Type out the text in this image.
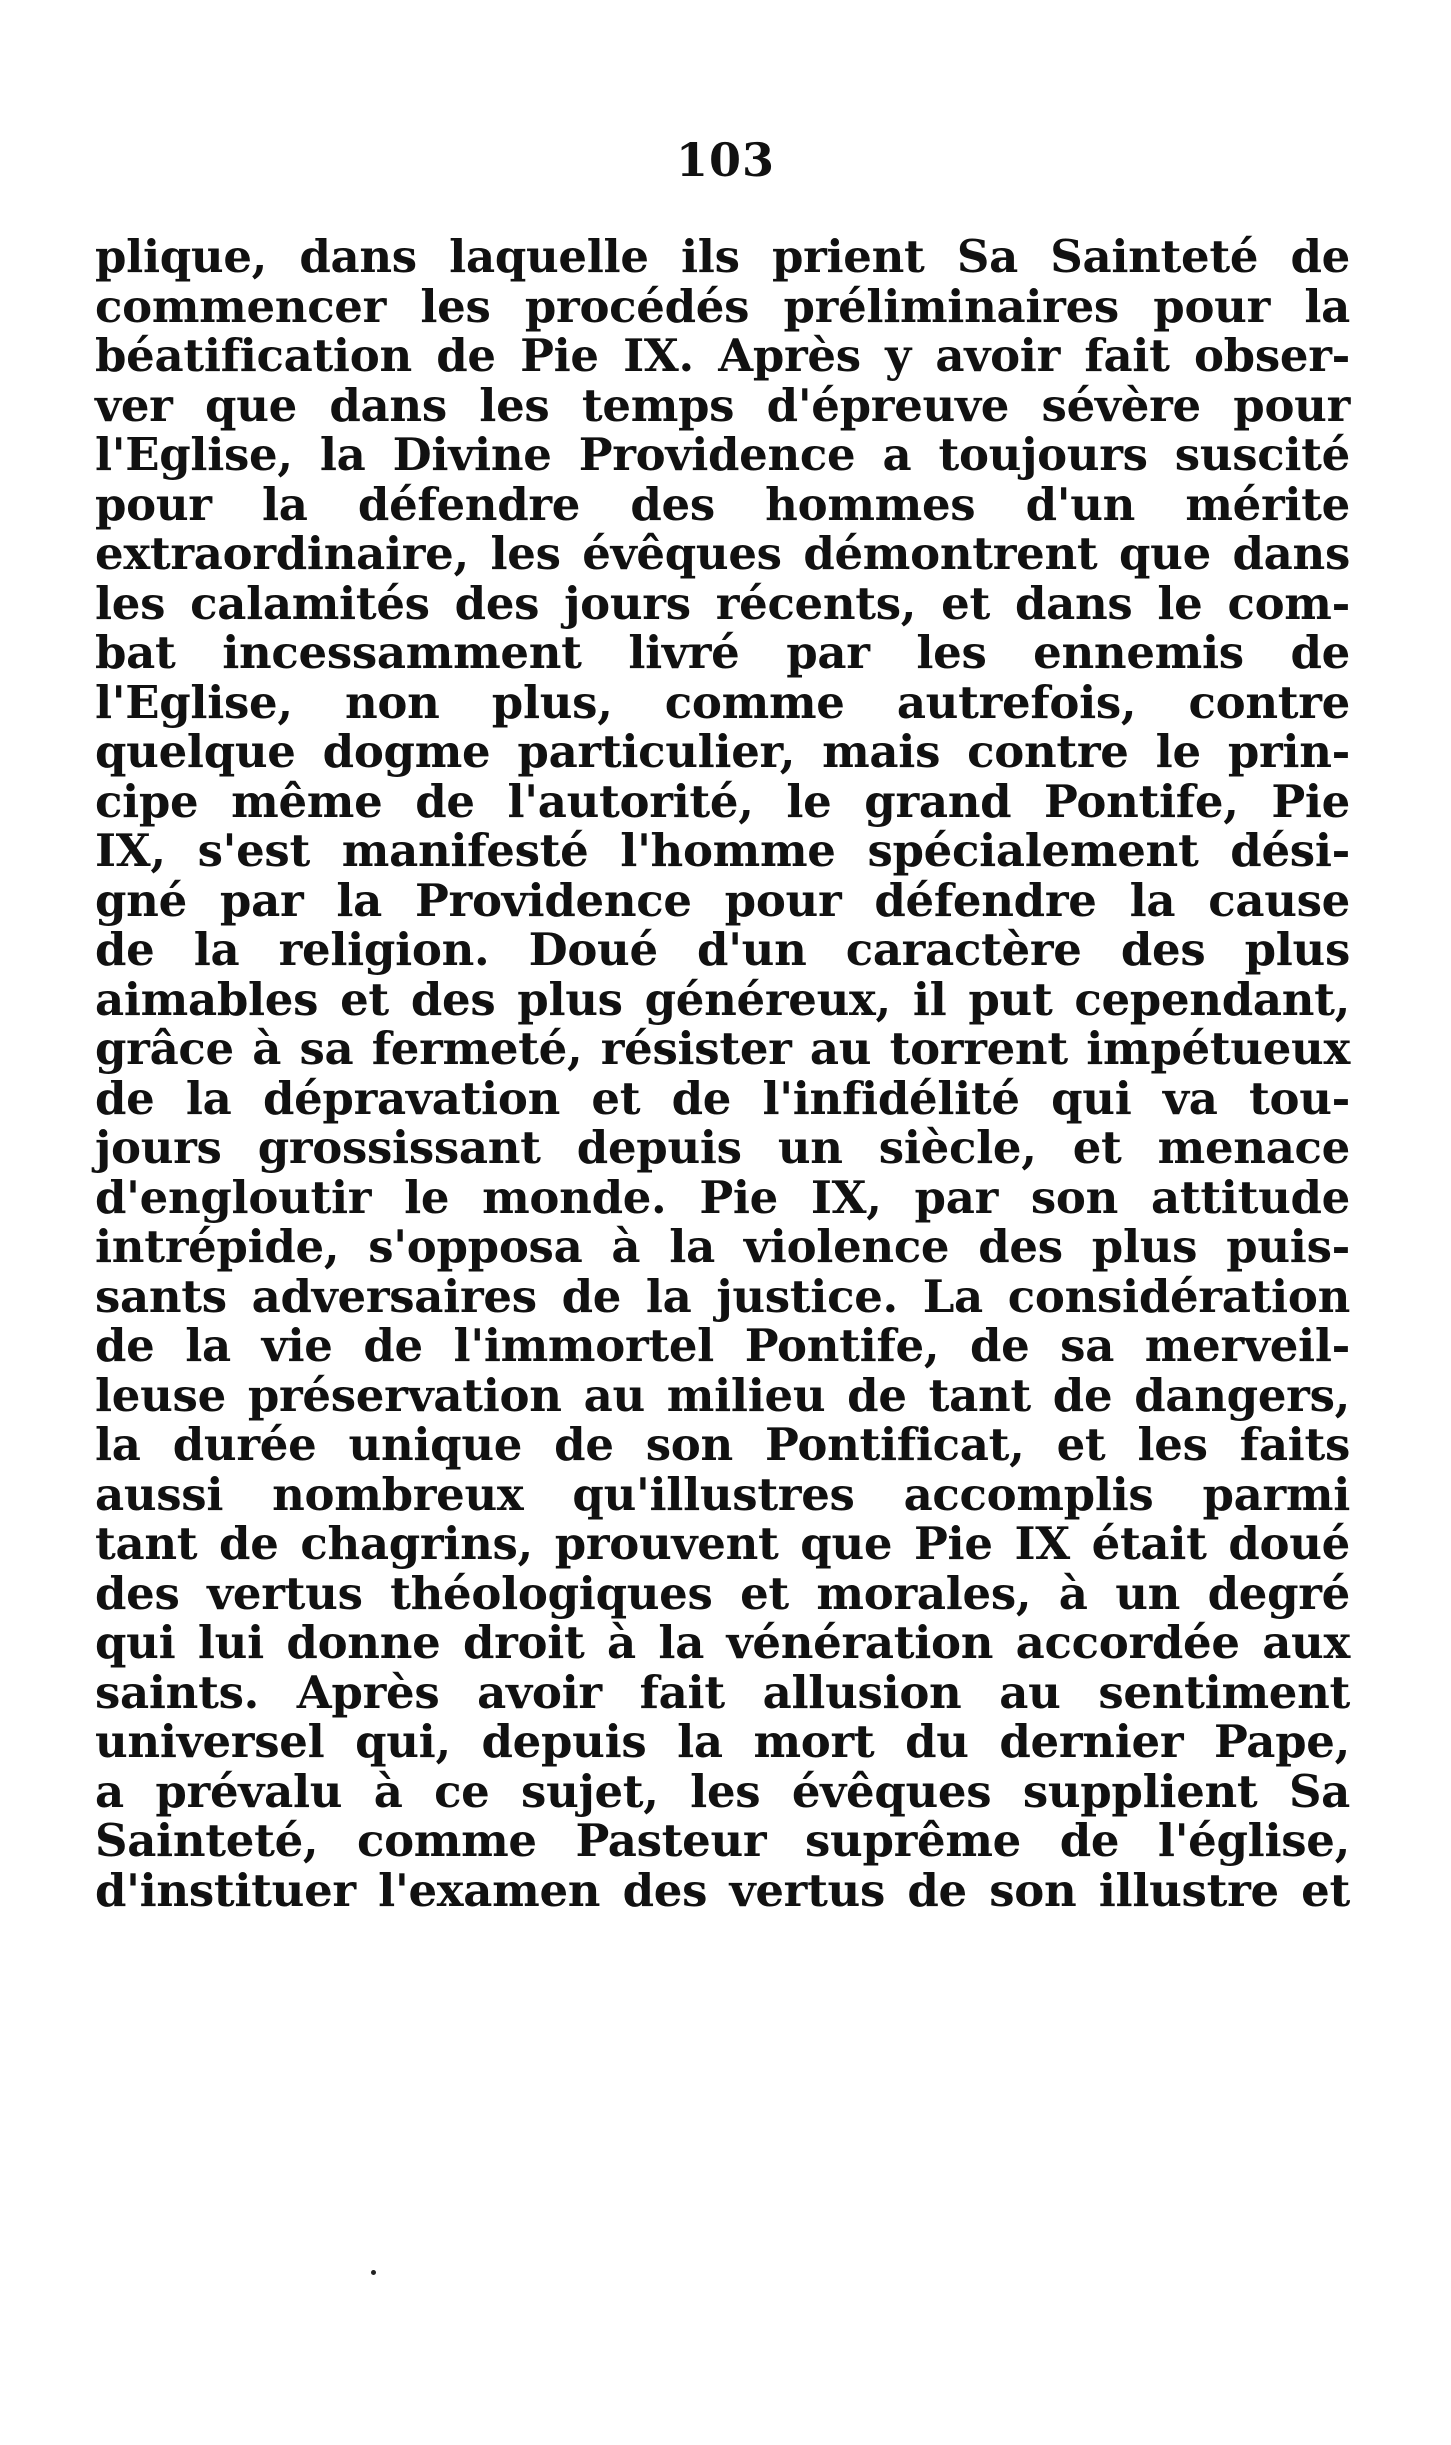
103
plique, dans laquelle ils prient Sa Sainteté de
commencer les procédés préliminaires pour la
béatification de Pie IX. Après y avoir fait obser-
ver que dans les temps d'épreuve sévère pour
l'Eglise, la Divine Providence a toujours suscité
pour la défendre des hommes d'un mérite
extraordinaire, les évêques démontrent que dans
les calamités des jours récents, et dans le com-
bat incessamment livré par les ennemis de
l'Eglise, non plus, comme autrefois, contre
quelque dogme particulier, mais contre le prin-
cipe même de l'autorité, le grand Pontife, Pie
IX, s'est manifesté l'homme spécialement dési-
gné par la Providence pour défendre la cause
de la religion. Doué d'un caractère des plus
aimables et des plus généreux, il put cependant,
grâce à sa fermeté, résister au torrent impétueux
de la dépravation et de l'infidélité qui va tou-
jours grossissant depuis un siècle, et menace
d'engloutir le monde. Pie IX, par son attitude
intrépide, s'opposa à la violence des plus puis-
sants adversaires de la justice. La considération
de la vie de l'immortel Pontife, de sa merveil-
leuse préservation au milieu de tant de dangers,
la durée unique de son Pontificat, et les faits
aussi nombreux qu'illustres accomplis parmi
tant de chagrins, prouvent que Pie IX était doué
des vertus théologiques et morales, à un degré
qui lui donne droit à la vénération accordée aux
saints. Après avoir fait allusion au sentiment
universel qui, depuis la mort du dernier Pape,
a prévalu à ce sujet, les évêques supplient Sa
Sainteté, comme Pasteur suprême de l'église,
d'instituer l'examen des vertus de son illustre et
